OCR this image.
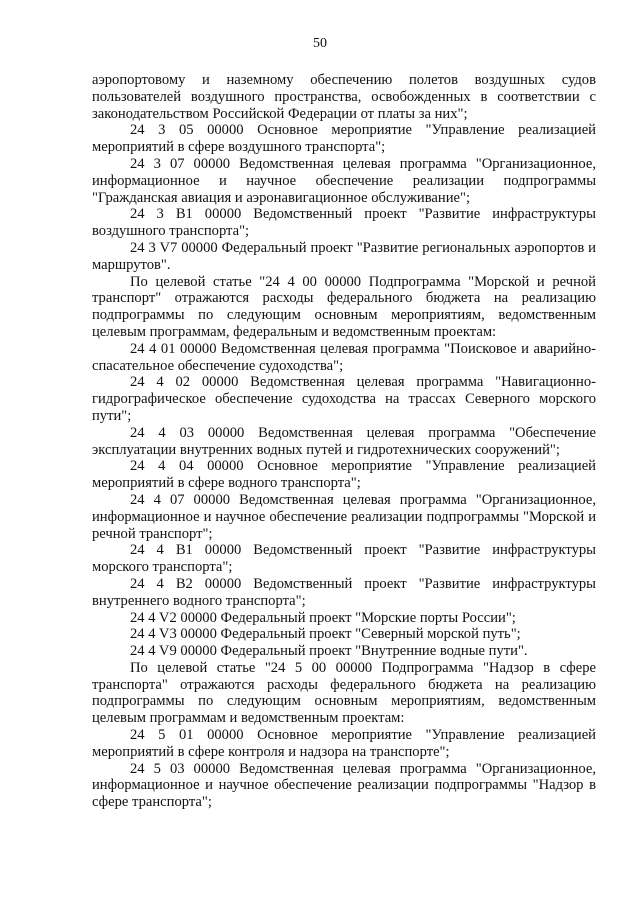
50

аэропортовому и наземному обеспечению полетов воздушных судов пользователей воздушного пространства, освобожденных в соответствии с законодательством Российской Федерации от платы за них";

24 3 05 00000 Основное мероприятие "Управление реализацией мероприятий в сфере воздушного транспорта";

24 3 07 00000 Ведомственная целевая программа "Организационное, информационное и научное обеспечение реализации подпрограммы "Гражданская авиация и аэронавигационное обслуживание";

24 3 В1 00000 Ведомственный проект "Развитие инфраструктуры воздушного транспорта";

24 3 V7 00000 Федеральный проект "Развитие региональных аэропортов и маршрутов".

По целевой статье "24 4 00 00000 Подпрограмма "Морской и речной транспорт" отражаются расходы федерального бюджета на реализацию подпрограммы по следующим основным мероприятиям, ведомственным целевым программам, федеральным и ведомственным проектам:

24 4 01 00000 Ведомственная целевая программа "Поисковое и аварийно-спасательное обеспечение судоходства";

24 4 02 00000 Ведомственная целевая программа "Навигационно-гидрографическое обеспечение судоходства на трассах Северного морского пути";

24 4 03 00000 Ведомственная целевая программа "Обеспечение эксплуатации внутренних водных путей и гидротехнических сооружений";

24 4 04 00000 Основное мероприятие "Управление реализацией мероприятий в сфере водного транспорта";

24 4 07 00000 Ведомственная целевая программа "Организационное, информационное и научное обеспечение реализации подпрограммы "Морской и речной транспорт";

24 4 В1 00000 Ведомственный проект "Развитие инфраструктуры морского транспорта";

24 4 В2 00000 Ведомственный проект "Развитие инфраструктуры внутреннего водного транспорта";

24 4 V2 00000 Федеральный проект "Морские порты России";

24 4 V3 00000 Федеральный проект "Северный морской путь";

24 4 V9 00000 Федеральный проект "Внутренние водные пути".

По целевой статье "24 5 00 00000 Подпрограмма "Надзор в сфере транспорта" отражаются расходы федерального бюджета на реализацию подпрограммы по следующим основным мероприятиям, ведомственным целевым программам и ведомственным проектам:

24 5 01 00000 Основное мероприятие "Управление реализацией мероприятий в сфере контроля и надзора на транспорте";

24 5 03 00000 Ведомственная целевая программа "Организационное, информационное и научное обеспечение реализации подпрограммы "Надзор в сфере транспорта";
